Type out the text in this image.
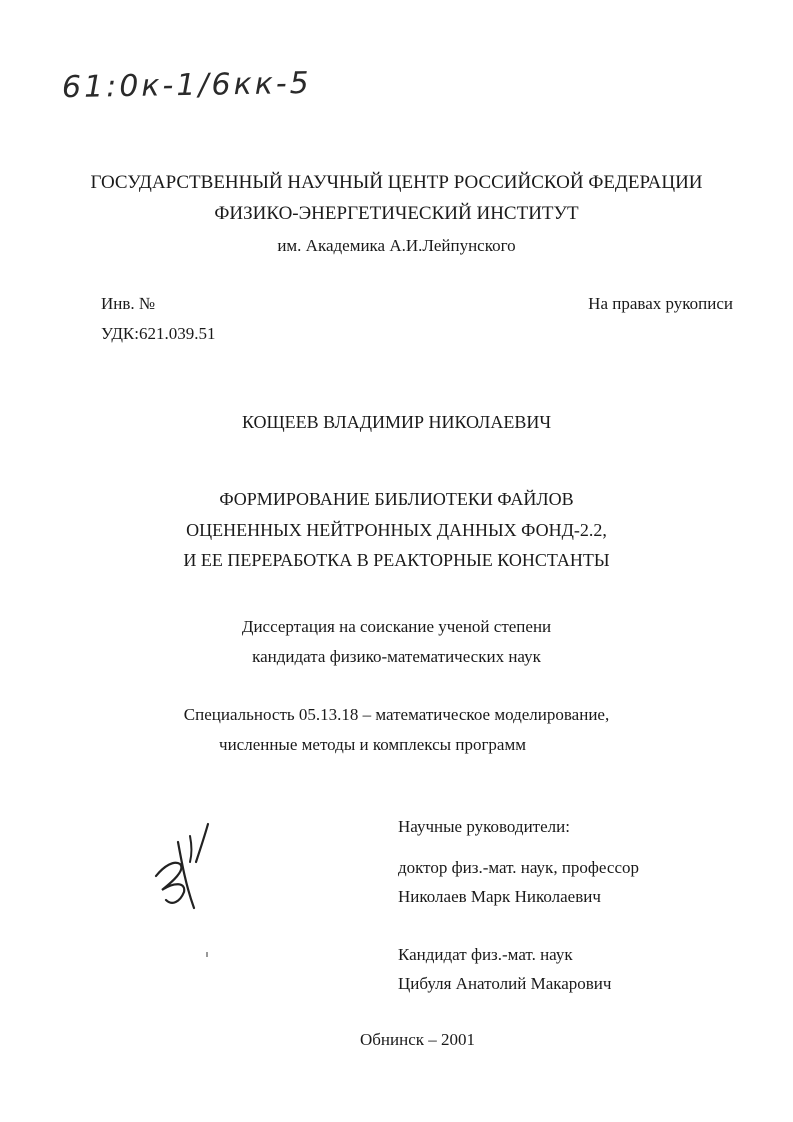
61:0к-1/6кк-5
ГОСУДАРСТВЕННЫЙ НАУЧНЫЙ ЦЕНТР РОССИЙСКОЙ ФЕДЕРАЦИИ
ФИЗИКО-ЭНЕРГЕТИЧЕСКИЙ ИНСТИТУТ
им. Академика А.И.Лейпунского
Инв. №	На правах рукописи
УДК:621.039.51
КОЩЕЕВ ВЛАДИМИР НИКОЛАЕВИЧ
ФОРМИРОВАНИЕ БИБЛИОТЕКИ ФАЙЛОВ
ОЦЕНЕННЫХ НЕЙТРОННЫХ ДАННЫХ ФОНД-2.2,
И ЕЕ ПЕРЕРАБОТКА В РЕАКТОРНЫЕ КОНСТАНТЫ
Диссертация на соискание ученой степени
кандидата физико-математических наук
Специальность 05.13.18 – математическое моделирование,
численные методы и комплексы программ
Научные руководители:
доктор физ.-мат. наук, профессор
Николаев Марк Николаевич
Кандидат физ.-мат. наук
Цибуля Анатолий Макарович
Обнинск – 2001
